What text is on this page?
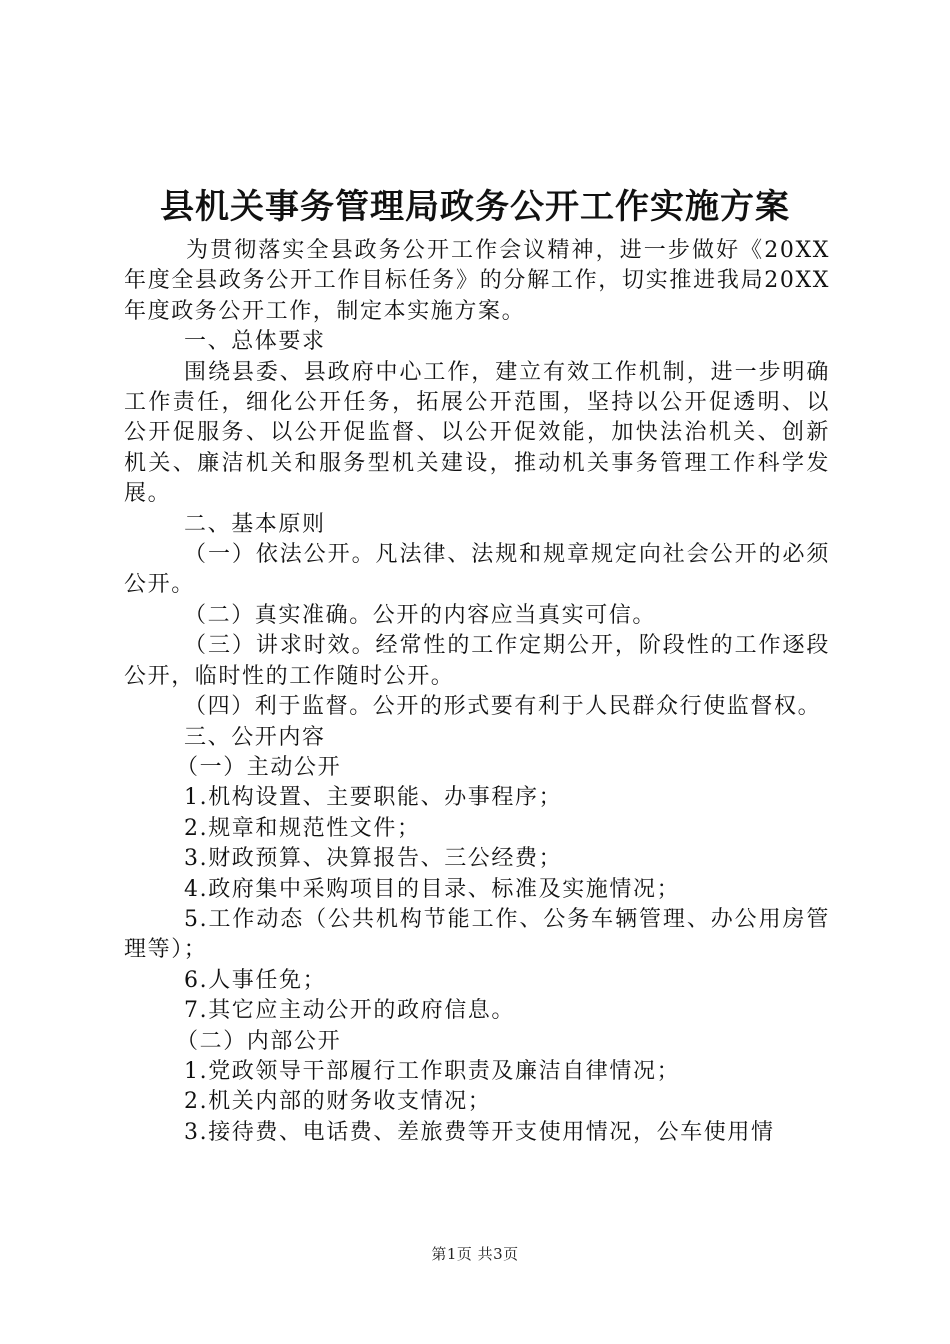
县机关事务管理局政务公开工作实施方案

为贯彻落实全县政务公开工作会议精神，进一步做好《20XX年度全县政务公开工作目标任务》的分解工作，切实推进我局20XX年度政务公开工作，制定本实施方案。

一、总体要求

围绕县委、县政府中心工作，建立有效工作机制，进一步明确工作责任，细化公开任务，拓展公开范围，坚持以公开促透明、以公开促服务、以公开促监督、以公开促效能，加快法治机关、创新机关、廉洁机关和服务型机关建设，推动机关事务管理工作科学发展。

二、基本原则

（一）依法公开。凡法律、法规和规章规定向社会公开的必须公开。

（二）真实准确。公开的内容应当真实可信。

（三）讲求时效。经常性的工作定期公开，阶段性的工作逐段公开，临时性的工作随时公开。

（四）利于监督。公开的形式要有利于人民群众行使监督权。

三、公开内容

（一）主动公开

1.机构设置、主要职能、办事程序；

2.规章和规范性文件；

3.财政预算、决算报告、三公经费；

4.政府集中采购项目的目录、标准及实施情况；

5.工作动态（公共机构节能工作、公务车辆管理、办公用房管理等）；

6.人事任免；

7.其它应主动公开的政府信息。

（二）内部公开

1.党政领导干部履行工作职责及廉洁自律情况；

2.机关内部的财务收支情况；

3.接待费、电话费、差旅费等开支使用情况，公车使用情

第1页 共3页
